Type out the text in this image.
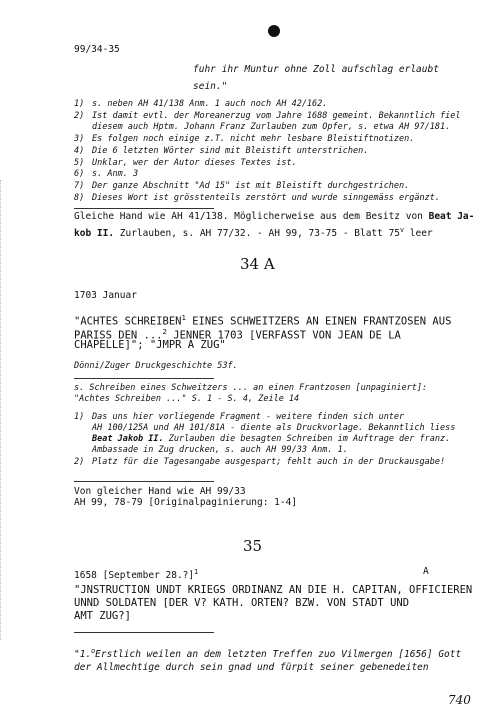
99/34-35
fuhr ihr Muntur ohne Zoll aufschlag erlaubt
sein."
1) s. neben AH 41/138 Anm. 1 auch noch AH 42/162.
2) Ist damit evtl. der Moreanerzug vom Jahre 1688 gemeint. Bekanntlich fiel
diesem auch Hptm. Johann Franz Zurlauben zum Opfer, s. etwa AH 97/181.
3) Es folgen noch einige z.T. nicht mehr lesbare Bleistiftnotizen.
4) Die 6 letzten Wörter sind mit Bleistift unterstrichen.
5) Unklar, wer der Autor dieses Textes ist.
6) s. Anm. 3
7) Der ganze Abschnitt "Ad 15" ist mit Bleistift durchgestrichen.
8) Dieses Wort ist grösstenteils zerstört und wurde sinngemäss ergänzt.
Gleiche Hand wie AH 41/138. Möglicherweise aus dem Besitz von Beat Ja-
kob II. Zurlauben, s. AH 77/32. - AH 99, 73-75 - Blatt 75$^v$ leer
34 A
1703 Januar
"ACHTES SCHREIBEN$^1$ EINES SCHWEITZERS AN EINEN FRANTZOSEN AUS
PARISS DEN ...$^2$ JENNER 1703 [VERFASST VON JEAN DE LA
CHAPELLE]"; "JMPR A ZUG"
Dönni/Zuger Druckgeschichte 53f.
s. Schreiben eines Schweitzers ... an einen Frantzosen [unpaginiert]:
"Achtes Schreiben ..." S. 1 - S. 4, Zeile 14
1) Das uns hier vorliegende Fragment - weitere finden sich unter
AH 100/125A und AH 101/81A - diente als Druckvorlage. Bekanntlich liess
Beat Jakob II. Zurlauben die besagten Schreiben im Auftrage der franz.
Ambassade in Zug drucken, s. auch AH 99/33 Anm. 1.
2) Platz für die Tagesangabe ausgespart; fehlt auch in der Druckausgabe!
Von gleicher Hand wie AH 99/33
AH 99, 78-79 [Originalpaginierung: 1-4]
35
1658 [September 28.?]$^1$	A
"JNSTRUCTION UNDT KRIEGS ORDINANZ AN DIE H. CAPITAN, OFFICIEREN
UNND SOLDATEN [DER V? KATH. ORTEN? BZW. VON STADT UND
AMT ZUG?]
"1.$^o$Erstlich weilen an dem letzten Treffen zuo Vilmergen [1656] Gott
der Allmechtige durch sein gnad und fürpit seiner gebenedeiten
740
